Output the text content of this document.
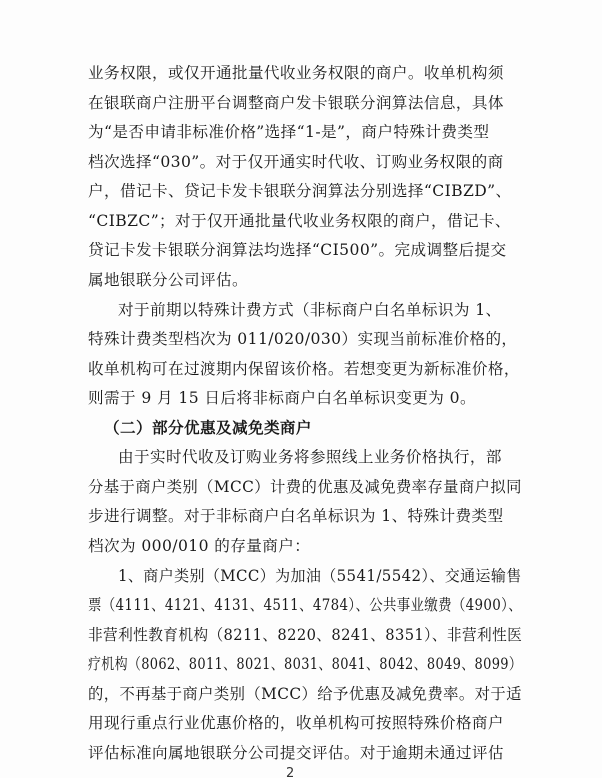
业务权限，或仅开通批量代收业务权限的商户。收单机构须
在银联商户注册平台调整商户发卡银联分润算法信息，具体
为“是否申请非标准价格”选择“1-是”，商户特殊计费类型
档次选择“030”。对于仅开通实时代收、订购业务权限的商
户，借记卡、贷记卡发卡银联分润算法分别选择“CIBZD”、
“CIBZC”；对于仅开通批量代收业务权限的商户，借记卡、
贷记卡发卡银联分润算法均选择“CI500”。完成调整后提交
属地银联分公司评估。
对于前期以特殊计费方式（非标商户白名单标识为 1、
特殊计费类型档次为 011/020/030）实现当前标准价格的，
收单机构可在过渡期内保留该价格。若想变更为新标准价格，
则需于 9 月 15 日后将非标商户白名单标识变更为 0。
（二）部分优惠及减免类商户
由于实时代收及订购业务将参照线上业务价格执行，部
分基于商户类别（MCC）计费的优惠及减免费率存量商户拟同
步进行调整。对于非标商户白名单标识为 1、特殊计费类型
档次为 000/010 的存量商户：
1、商户类别（MCC）为加油（5541/5542）、交通运输售
票（4111、4121、4131、4511、4784）、公共事业缴费（4900）、
非营利性教育机构（8211、8220、8241、8351）、非营利性医
疗机构（8062、8011、8021、8031、8041、8042、8049、8099）
的，不再基于商户类别（MCC）给予优惠及减免费率。对于适
用现行重点行业优惠价格的，收单机构可按照特殊价格商户
评估标准向属地银联分公司提交评估。对于逾期未通过评估
2
